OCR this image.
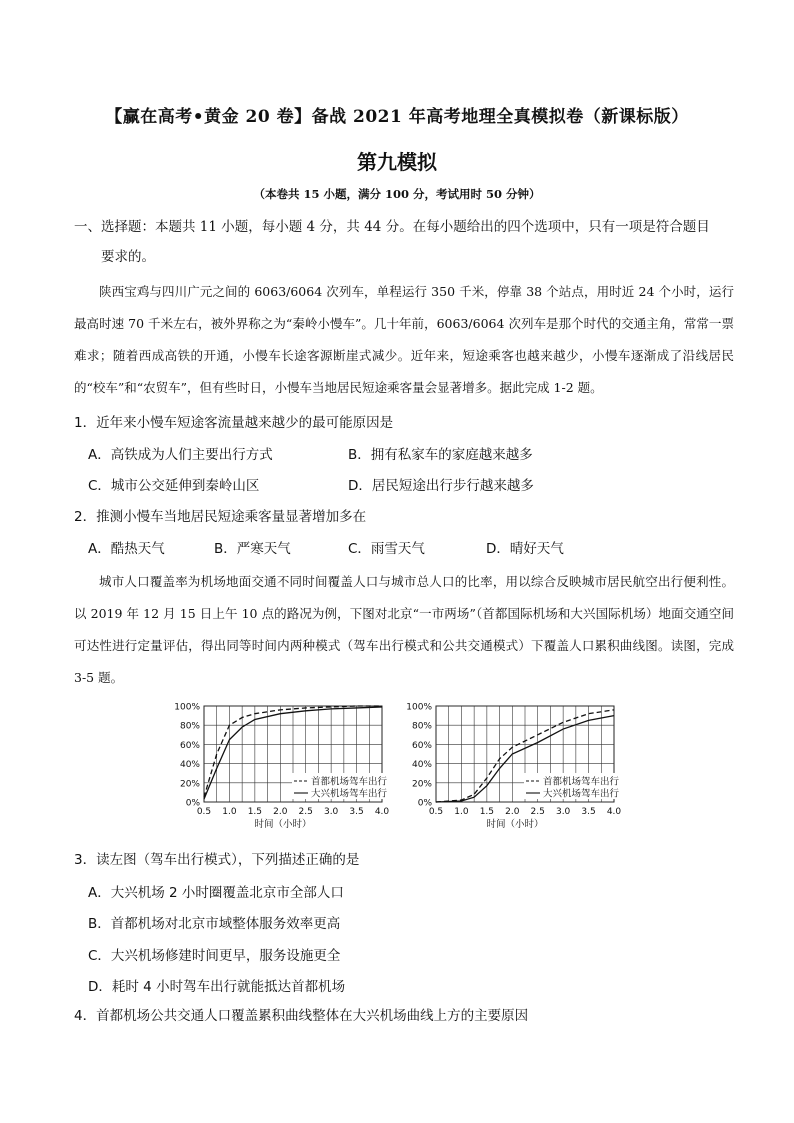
【赢在高考•黄金 20 卷】备战 2021 年高考地理全真模拟卷（新课标版）
第九模拟
（本卷共 15 小题，满分 100 分，考试用时 50 分钟）
一、选择题：本题共 11 小题，每小题 4 分，共 44 分。在每小题给出的四个选项中，只有一项是符合题目
要求的。
陕西宝鸡与四川广元之间的 6063/6064 次列车，单程运行 350 千米，停靠 38 个站点，用时近 24 个小时，运行最高时速 70 千米左右，被外界称之为“秦岭小慢车”。几十年前，6063/6064 次列车是那个时代的交通主角，常常一票难求；随着西成高铁的开通，小慢车长途客源断崖式减少。近年来，短途乘客也越来越少，小慢车逐渐成了沿线居民的“校车”和“农贸车”，但有些时日，小慢车当地居民短途乘客量会显著增多。据此完成 1-2 题。
1．近年来小慢车短途客流量越来越少的最可能原因是
A．高铁成为人们主要出行方式	B．拥有私家车的家庭越来越多
C．城市公交延伸到秦岭山区	D．居民短途出行步行越来越多
2．推测小慢车当地居民短途乘客量显著增加多在
A．酷热天气	B．严寒天气	C．雨雪天气	D．晴好天气
城市人口覆盖率为机场地面交通不同时间覆盖人口与城市总人口的比率，用以综合反映城市居民航空出行便利性。以 2019 年 12 月 15 日上午 10 点的路况为例，下图对北京“一市两场”（首都国际机场和大兴国际机场）地面交通空间可达性进行定量评估，得出同等时间内两种模式（驾车出行模式和公共交通模式）下覆盖人口累积曲线图。读图，完成 3-5 题。
0%
20%
40%
60%
80%
100%
0.5 1.0 1.5 2.0 2.5 3.0 3.5 4.0
时间（小时）
首都机场驾车出行
大兴机场驾车出行
0%
20%
40%
60%
80%
100%
0.5 1.0 1.5 2.0 2.5 3.0 3.5 4.0
时间（小时）
首都机场驾车出行
大兴机场驾车出行
3．读左图（驾车出行模式），下列描述正确的是
A．大兴机场 2 小时圈覆盖北京市全部人口
B．首都机场对北京市域整体服务效率更高
C．大兴机场修建时间更早，服务设施更全
D．耗时 4 小时驾车出行就能抵达首都机场
4．首都机场公共交通人口覆盖累积曲线整体在大兴机场曲线上方的主要原因
